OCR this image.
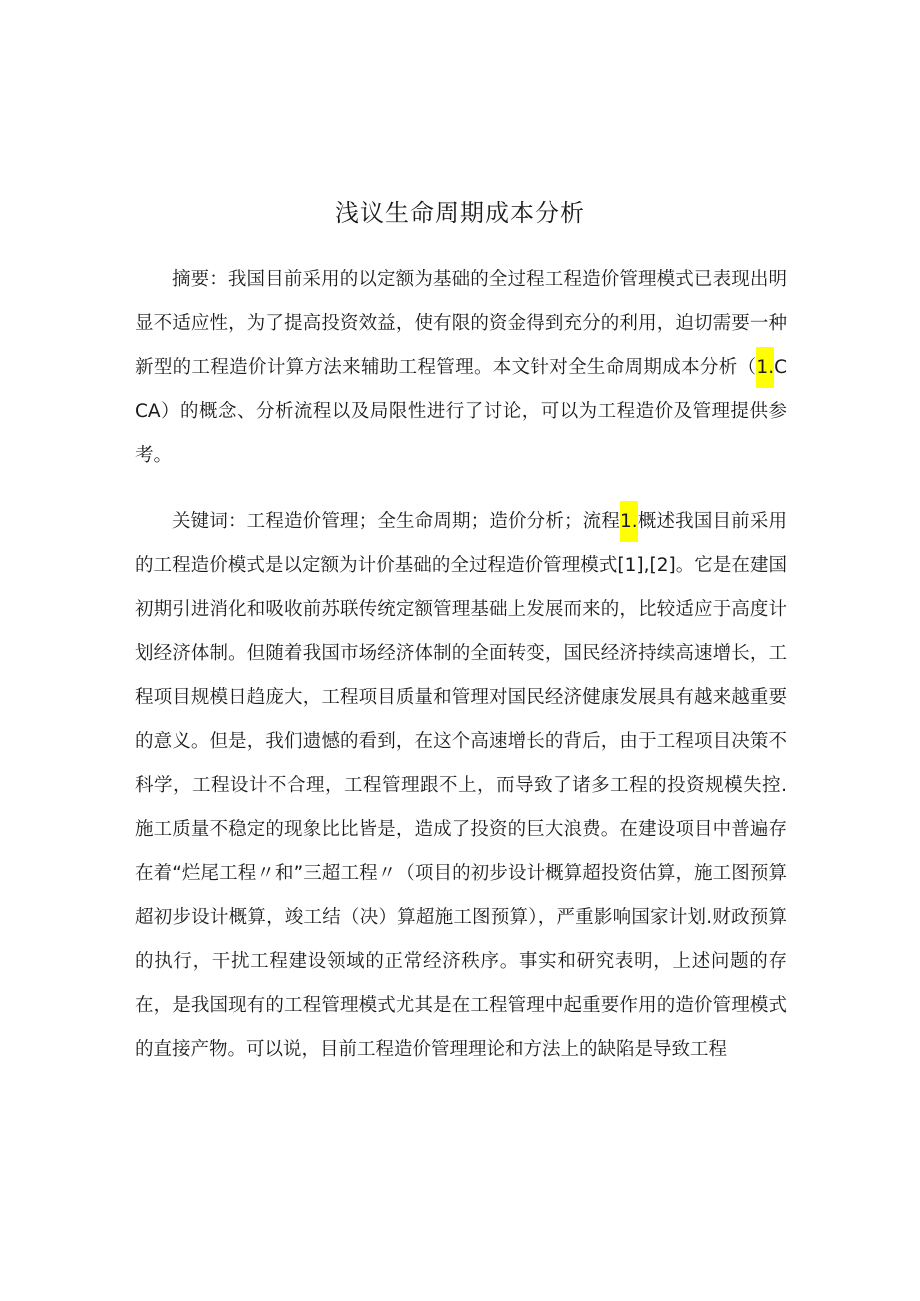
浅议生命周期成本分析

摘要：我国目前采用的以定额为基础的全过程工程造价管理模式已表现出明显不适应性，为了提高投资效益，使有限的资金得到充分的利用，迫切需要一种新型的工程造价计算方法来辅助工程管理。本文针对全生命周期成本分析（1.CCA）的概念、分析流程以及局限性进行了讨论，可以为工程造价及管理提供参考。

关键词：工程造价管理；全生命周期；造价分析；流程1.概述我国目前采用的工程造价模式是以定额为计价基础的全过程造价管理模式[1],[2]。它是在建国初期引进消化和吸收前苏联传统定额管理基础上发展而来的，比较适应于高度计划经济体制。但随着我国市场经济体制的全面转变，国民经济持续高速增长，工程项目规模日趋庞大，工程项目质量和管理对国民经济健康发展具有越来越重要的意义。但是，我们遗憾的看到，在这个高速增长的背后，由于工程项目决策不科学，工程设计不合理，工程管理跟不上，而导致了诸多工程的投资规模失控.施工质量不稳定的现象比比皆是，造成了投资的巨大浪费。在建设项目中普遍存在着“烂尾工程〃和”三超工程〃（项目的初步设计概算超投资估算，施工图预算超初步设计概算，竣工结（决）算超施工图预算），严重影响国家计划.财政预算的执行，干扰工程建设领域的正常经济秩序。事实和研究表明，上述问题的存在，是我国现有的工程管理模式尤其是在工程管理中起重要作用的造价管理模式的直接产物。可以说，目前工程造价管理理论和方法上的缺陷是导致工程
